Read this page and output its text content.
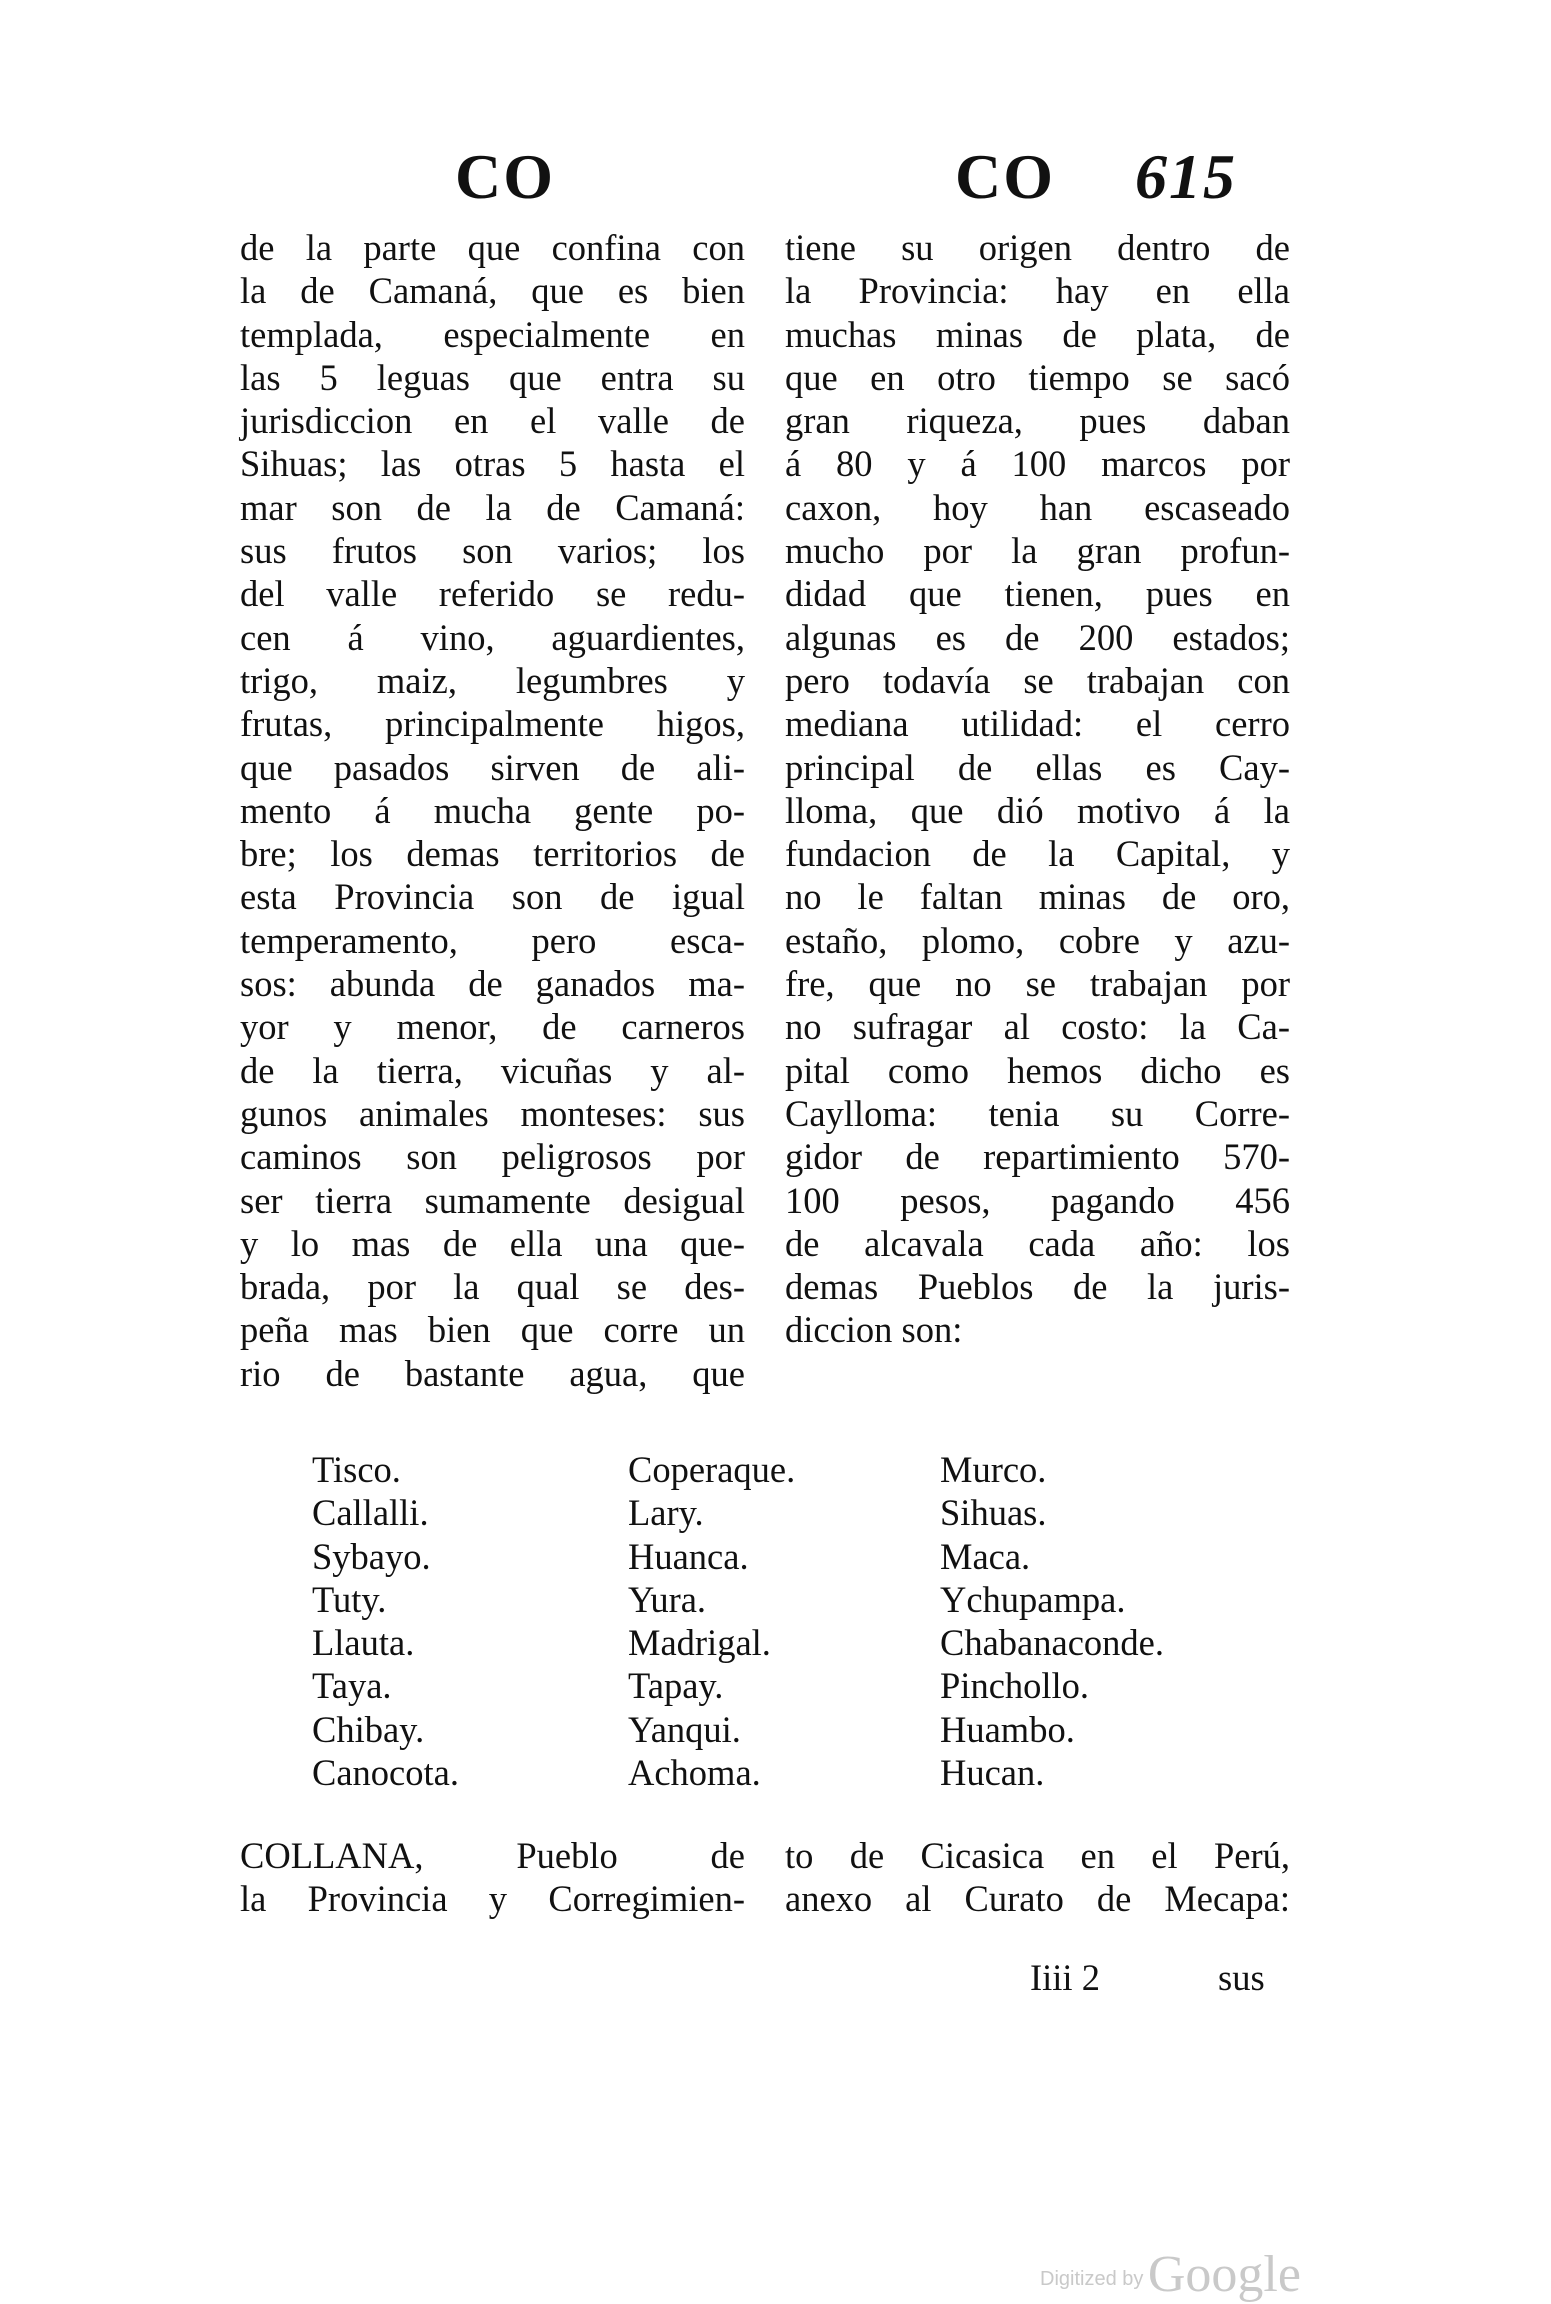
CO	CO 615
de la parte que confina con
la de Camaná, que es bien
templada, especialmente en
las 5 leguas que entra su
jurisdiccion en el valle de
Sihuas; las otras 5 hasta el
mar son de la de Camaná:
sus frutos son varios; los
del valle referido se redu-
cen á vino, aguardientes,
trigo, maiz, legumbres y
frutas, principalmente higos,
que pasados sirven de ali-
mento á mucha gente po-
bre; los demas territorios de
esta Provincia son de igual
temperamento, pero esca-
sos: abunda de ganados ma-
yor y menor, de carneros
de la tierra, vicuñas y al-
gunos animales monteses: sus
caminos son peligrosos por
ser tierra sumamente desigual
y lo mas de ella una que-
brada, por la qual se des-
peña mas bien que corre un
rio de bastante agua, que
tiene su origen dentro de
la Provincia: hay en ella
muchas minas de plata, de
que en otro tiempo se sacó
gran riqueza, pues daban
á 80 y á 100 marcos por
caxon, hoy han escaseado
mucho por la gran profun-
didad que tienen, pues en
algunas es de 200 estados;
pero todavía se trabajan con
mediana utilidad: el cerro
principal de ellas es Cay-
lloma, que dió motivo á la
fundacion de la Capital, y
no le faltan minas de oro,
estaño, plomo, cobre y azu-
fre, que no se trabajan por
no sufragar al costo: la Ca-
pital como hemos dicho es
Caylloma: tenia su Corre-
gidor de repartimiento 570-
100 pesos, pagando 456
de alcavala cada año: los
demas Pueblos de la juris-
diccion son:
Tisco.
Callalli.
Sybayo.
Tuty.
Llauta.
Taya.
Chibay.
Canocota.
Coperaque.
Lary.
Huanca.
Yura.
Madrigal.
Tapay.
Yanqui.
Achoma.
Murco.
Sihuas.
Maca.
Ychupampa.
Chabanaconde.
Pinchollo.
Huambo.
Hucan.
COLLANA, Pueblo de
la Provincia y Corregimien-
to de Cicasica en el Perú,
anexo al Curato de Mecapa:
Iiii 2	sus
Digitized by Google
